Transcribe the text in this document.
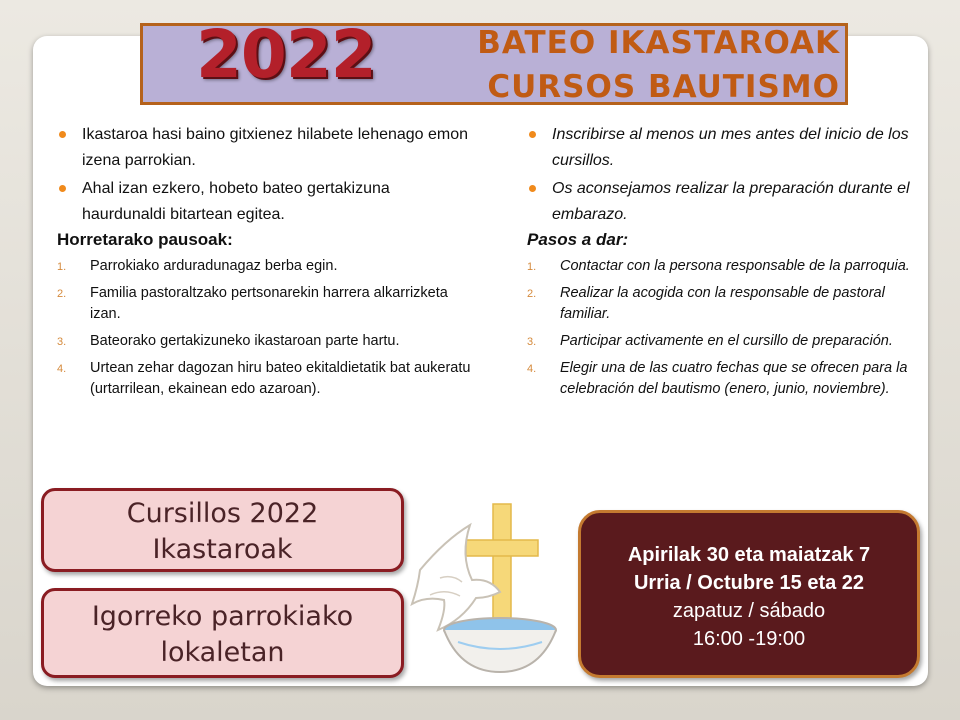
2022	BATEO IKASTAROAK
CURSOS BAUTISMO
Ikastaroa hasi baino gitxienez hilabete lehenago emon izena parrokian.
Ahal izan ezkero, hobeto bateo gertakizuna haurdunaldi bitartean egitea.
Horretarako pausoak:
1. Parrokiako arduradunagaz berba egin.
2. Familia pastoraltzako pertsonarekin harrera alkarrizketa izan.
3. Bateorako gertakizuneko ikastaroan parte hartu.
4. Urtean zehar dagozan hiru bateo ekitaldietatik bat aukeratu (urtarrilean, ekainean edo azaroan).
Inscribirse al menos un mes antes del inicio de los cursillos.
Os aconsejamos realizar la preparación durante el embarazo.
Pasos a dar:
1. Contactar con la persona responsable de la parroquia.
2. Realizar la acogida con la responsable de pastoral familiar.
3. Participar activamente en el cursillo de preparación.
4. Elegir una de las cuatro fechas que se ofrecen para la celebración del bautismo (enero, junio, noviembre).
Cursillos 2022
Ikastaroak
Igorreko parrokiako
lokaletan
Apirilak 30 eta maiatzak 7
Urria / Octubre 15 eta 22
zapatuz / sábado
16:00 -19:00
